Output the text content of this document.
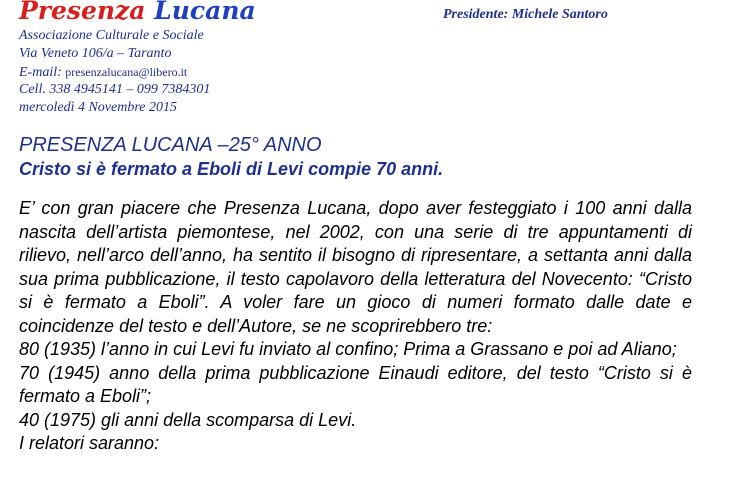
Presenza Lucana	Presidente: Michele Santoro
Associazione Culturale e Sociale
Via Veneto 106/a – Taranto
E-mail: presenzalucana@libero.it
Cell. 338 4945141 – 099 7384301
mercoledì 4 Novembre 2015
PRESENZA LUCANA –25° ANNO
Cristo si è fermato a Eboli di Levi compie 70 anni.

E’ con gran piacere che Presenza Lucana, dopo aver festeggiato i 100 anni dalla nascita dell’artista piemontese, nel 2002, con una serie di tre appuntamenti di rilievo, nell’arco dell’anno, ha sentito il bisogno di ripresentare, a settanta anni dalla sua prima pubblicazione, il testo capolavoro della letteratura del Novecento: “Cristo si è fermato a Eboli”. A voler fare un gioco di numeri formato dalle date e coincidenze del testo e dell’Autore, se ne scoprirebbero tre:

80 (1935) l’anno in cui Levi fu inviato al confino; Prima a Grassano e poi ad Aliano;

70 (1945) anno della prima pubblicazione Einaudi editore, del testo “Cristo si è fermato a Eboli”;

40 (1975) gli anni della scomparsa di Levi.

I relatori saranno:
